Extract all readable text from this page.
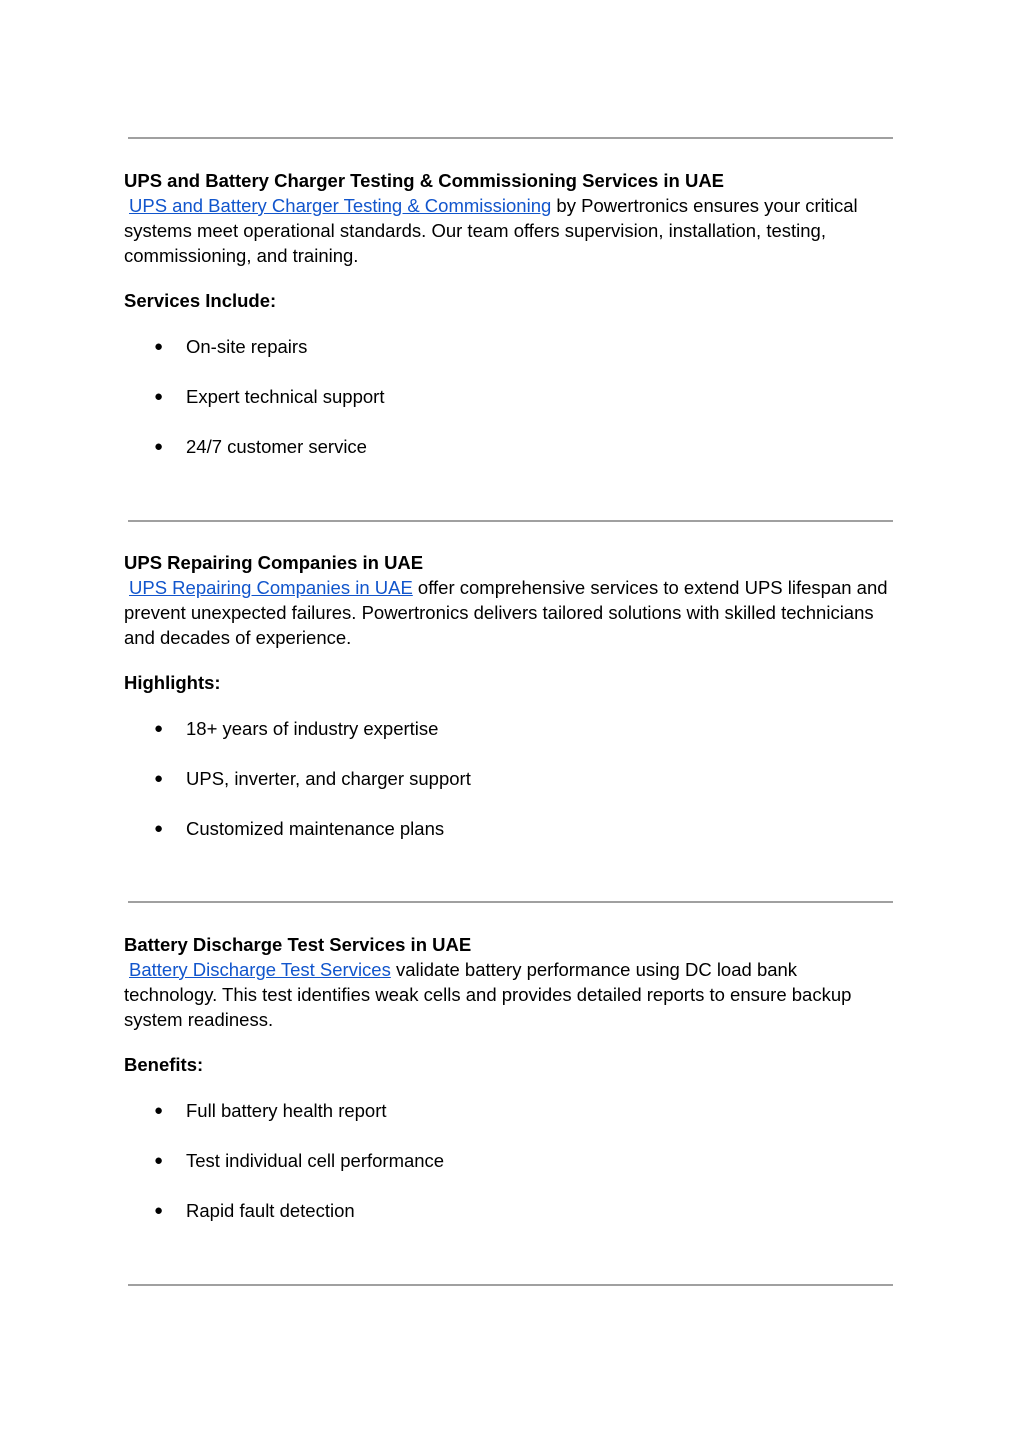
UPS and Battery Charger Testing & Commissioning Services in UAE

UPS and Battery Charger Testing & Commissioning by Powertronics ensures your critical systems meet operational standards. Our team offers supervision, installation, testing, commissioning, and training.

Services Include:
● On-site repairs
● Expert technical support
● 24/7 customer service
UPS Repairing Companies in UAE

UPS Repairing Companies in UAE offer comprehensive services to extend UPS lifespan and prevent unexpected failures. Powertronics delivers tailored solutions with skilled technicians and decades of experience.

Highlights:
● 18+ years of industry expertise
● UPS, inverter, and charger support
● Customized maintenance plans
Battery Discharge Test Services in UAE

Battery Discharge Test Services validate battery performance using DC load bank technology. This test identifies weak cells and provides detailed reports to ensure backup system readiness.

Benefits:
● Full battery health report
● Test individual cell performance
● Rapid fault detection
